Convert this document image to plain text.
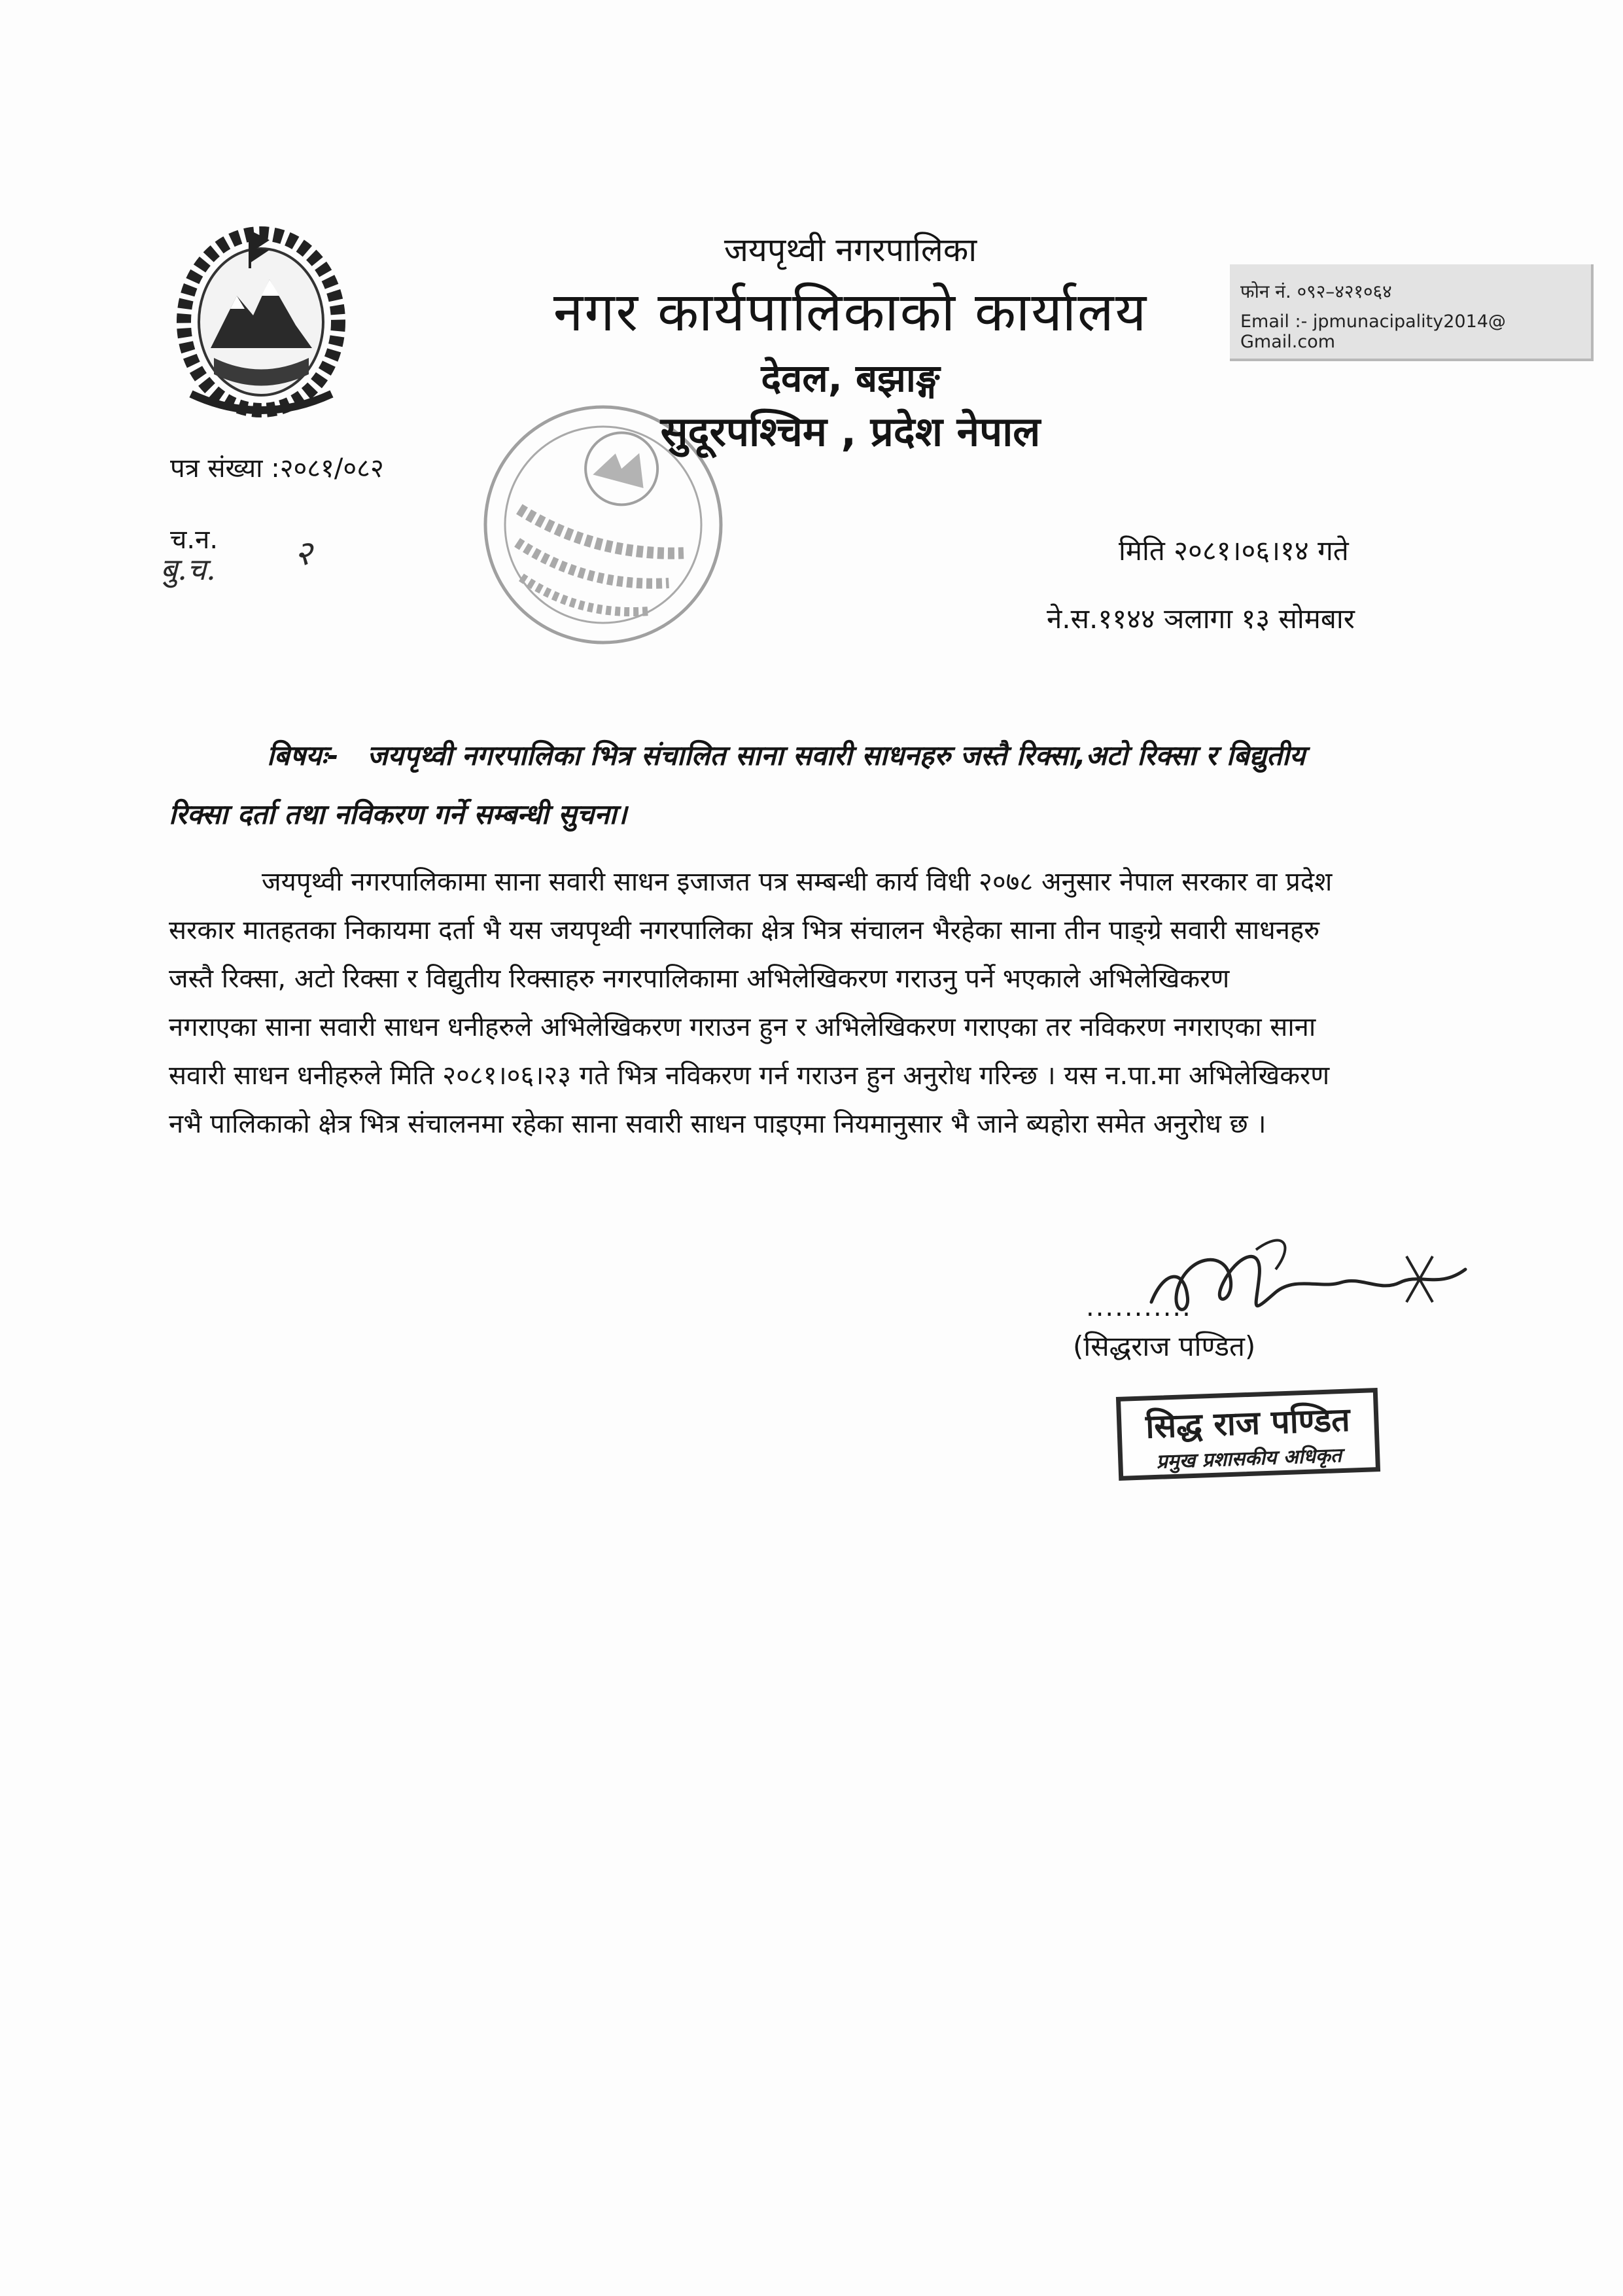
जयपृथ्वी नगरपालिका
नगर कार्यपालिकाको कार्यालय
देवल, बझाङ्ग
सुदूरपश्चिम , प्रदेश नेपाल
फोन नं. ०९२–४२१०६४
Email :- jpmunacipality2014@ Gmail.com
पत्र संख्या :२०८१/०८२
च.न.
बु.च. २	मिति २०८१।०६।१४ गते
ने.स.११४४ ञलागा १३ सोमबार
बिषयः- जयपृथ्वी नगरपालिका भित्र संचालित साना सवारी साधनहरु जस्तै रिक्सा,अटो रिक्सा र बिद्युतीय
रिक्सा दर्ता तथा नविकरण गर्ने सम्बन्धी सुचना।
जयपृथ्वी नगरपालिकामा साना सवारी साधन इजाजत पत्र सम्बन्धी कार्य विधी २०७८ अनुसार नेपाल सरकार वा प्रदेश
सरकार मातहतका निकायमा दर्ता भै यस जयपृथ्वी नगरपालिका क्षेत्र भित्र संचालन भैरहेका साना तीन पाङ्ग्रे सवारी साधनहरु
जस्तै रिक्सा, अटो रिक्सा र विद्युतीय रिक्साहरु नगरपालिकामा अभिलेखिकरण गराउनु पर्ने भएकाले अभिलेखिकरण
नगराएका साना सवारी साधन धनीहरुले अभिलेखिकरण गराउन हुन र अभिलेखिकरण गराएका तर नविकरण नगराएका साना
सवारी साधन धनीहरुले मिति २०८१।०६।२३ गते भित्र नविकरण गर्न गराउन हुन अनुरोध गरिन्छ । यस न.पा.मा अभिलेखिकरण
नभै पालिकाको क्षेत्र भित्र संचालनमा रहेका साना सवारी साधन पाइएमा नियमानुसार भै जाने ब्यहोरा समेत अनुरोध छ ।
...........
(सिद्धराज पण्डित)
सिद्ध राज पण्डित
प्रमुख प्रशासकीय अधिकृत
